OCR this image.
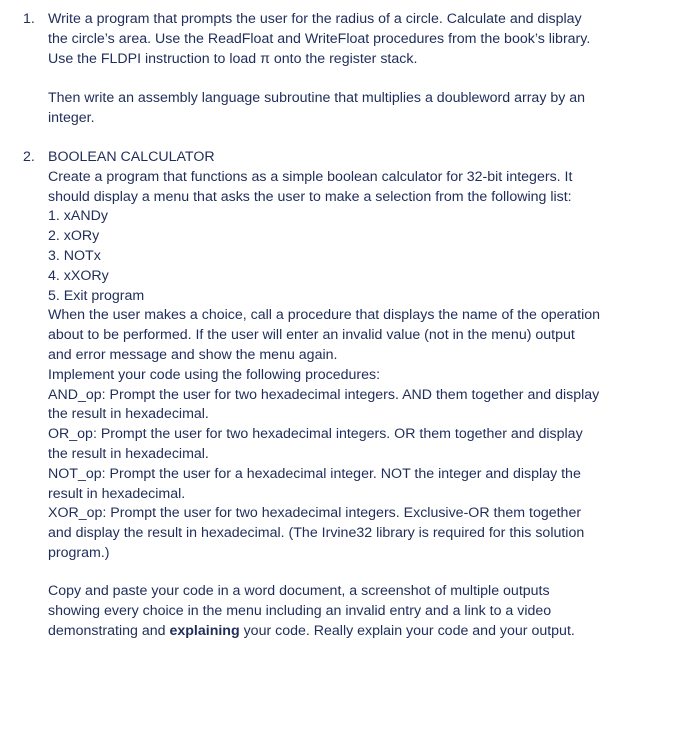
1. Write a program that prompts the user for the radius of a circle. Calculate and display
the circle’s area. Use the ReadFloat and WriteFloat procedures from the book’s library.
Use the FLDPI instruction to load π onto the register stack.
Then write an assembly language subroutine that multiplies a doubleword array by an
integer.
2. BOOLEAN CALCULATOR
Create a program that functions as a simple boolean calculator for 32-bit integers. It
should display a menu that asks the user to make a selection from the following list:
1. xANDy
2. xORy
3. NOTx
4. xXORy
5. Exit program
When the user makes a choice, call a procedure that displays the name of the operation
about to be performed. If the user will enter an invalid value (not in the menu) output
and error message and show the menu again.
Implement your code using the following procedures:
AND_op: Prompt the user for two hexadecimal integers. AND them together and display
the result in hexadecimal.
OR_op: Prompt the user for two hexadecimal integers. OR them together and display
the result in hexadecimal.
NOT_op: Prompt the user for a hexadecimal integer. NOT the integer and display the
result in hexadecimal.
XOR_op: Prompt the user for two hexadecimal integers. Exclusive-OR them together
and display the result in hexadecimal. (The Irvine32 library is required for this solution
program.)
Copy and paste your code in a word document, a screenshot of multiple outputs
showing every choice in the menu including an invalid entry and a link to a video
demonstrating and explaining your code. Really explain your code and your output.
